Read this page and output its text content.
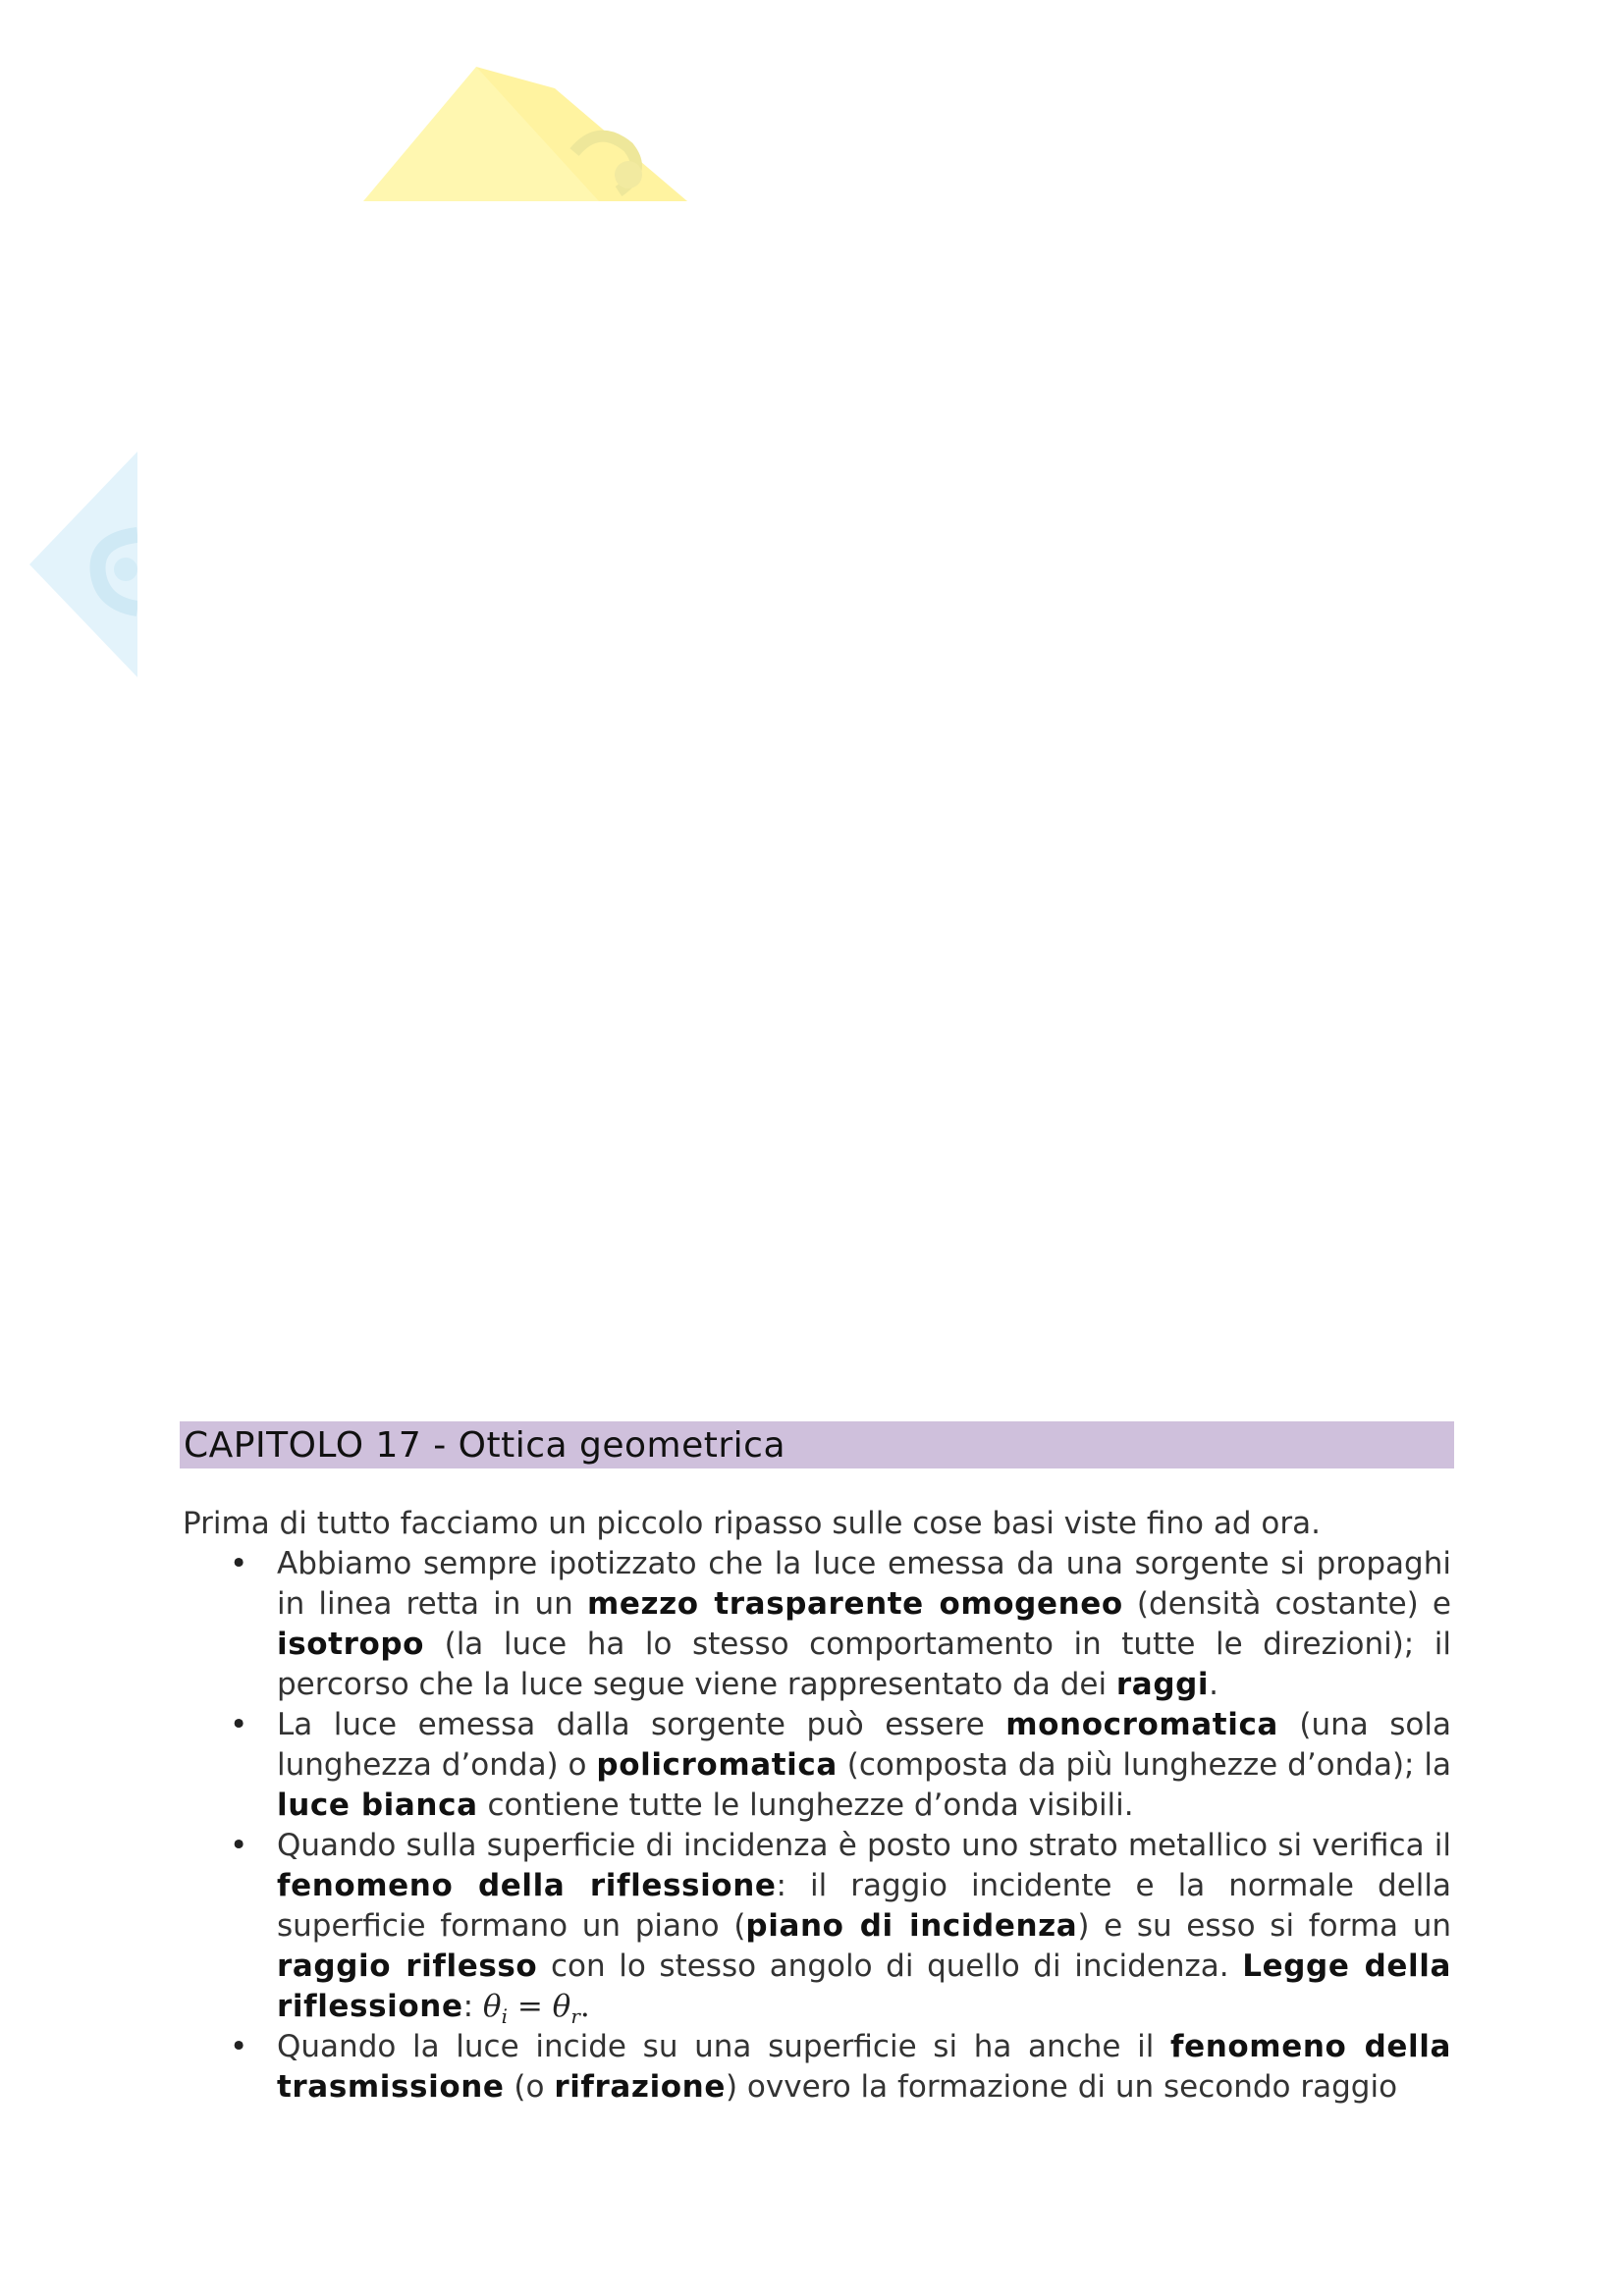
CAPITOLO 17 - Ottica geometrica

Prima di tutto facciamo un piccolo ripasso sulle cose basi viste fino ad ora.

• Abbiamo sempre ipotizzato che la luce emessa da una sorgente si propaghi in linea retta in un mezzo trasparente omogeneo (densità costante) e isotropo (la luce ha lo stesso comportamento in tutte le direzioni); il percorso che la luce segue viene rappresentato da dei raggi.
• La luce emessa dalla sorgente può essere monocromatica (una sola lunghezza d’onda) o policromatica (composta da più lunghezze d’onda); la luce bianca contiene tutte le lunghezze d’onda visibili.
• Quando sulla superficie di incidenza è posto uno strato metallico si verifica il fenomeno della riflessione: il raggio incidente e la normale della superficie formano un piano (piano di incidenza) e su esso si forma un raggio riflesso con lo stesso angolo di quello di incidenza. Legge della riflessione: $\theta_i = \theta_r$.
• Quando la luce incide su una superficie si ha anche il fenomeno della trasmissione (o rifrazione) ovvero la formazione di un secondo raggio
